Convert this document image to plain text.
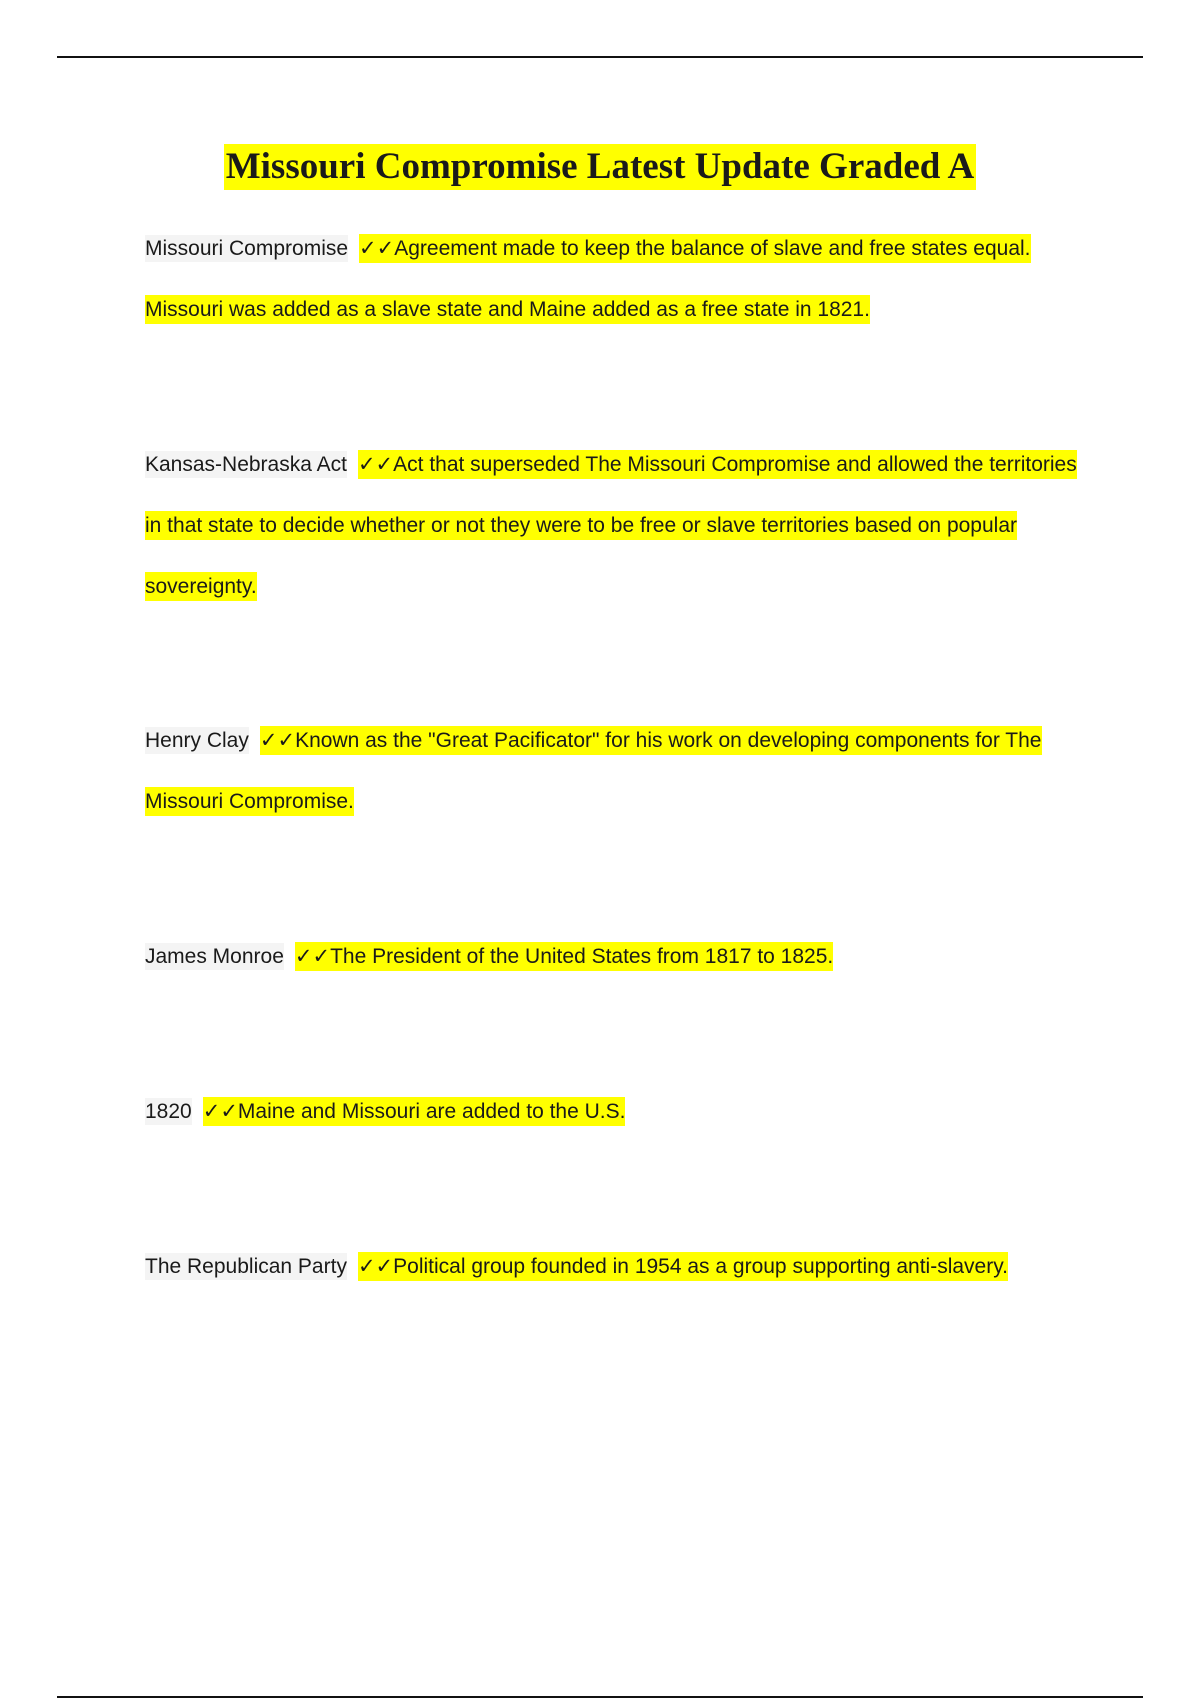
Missouri Compromise Latest Update Graded A
Missouri Compromise ✓✓Agreement made to keep the balance of slave and free states equal. Missouri was added as a slave state and Maine added as a free state in 1821.
Kansas-Nebraska Act ✓✓Act that superseded The Missouri Compromise and allowed the territories in that state to decide whether or not they were to be free or slave territories based on popular sovereignty.
Henry Clay ✓✓Known as the "Great Pacificator" for his work on developing components for The Missouri Compromise.
James Monroe ✓✓The President of the United States from 1817 to 1825.
1820 ✓✓Maine and Missouri are added to the U.S.
The Republican Party ✓✓Political group founded in 1954 as a group supporting anti-slavery.
